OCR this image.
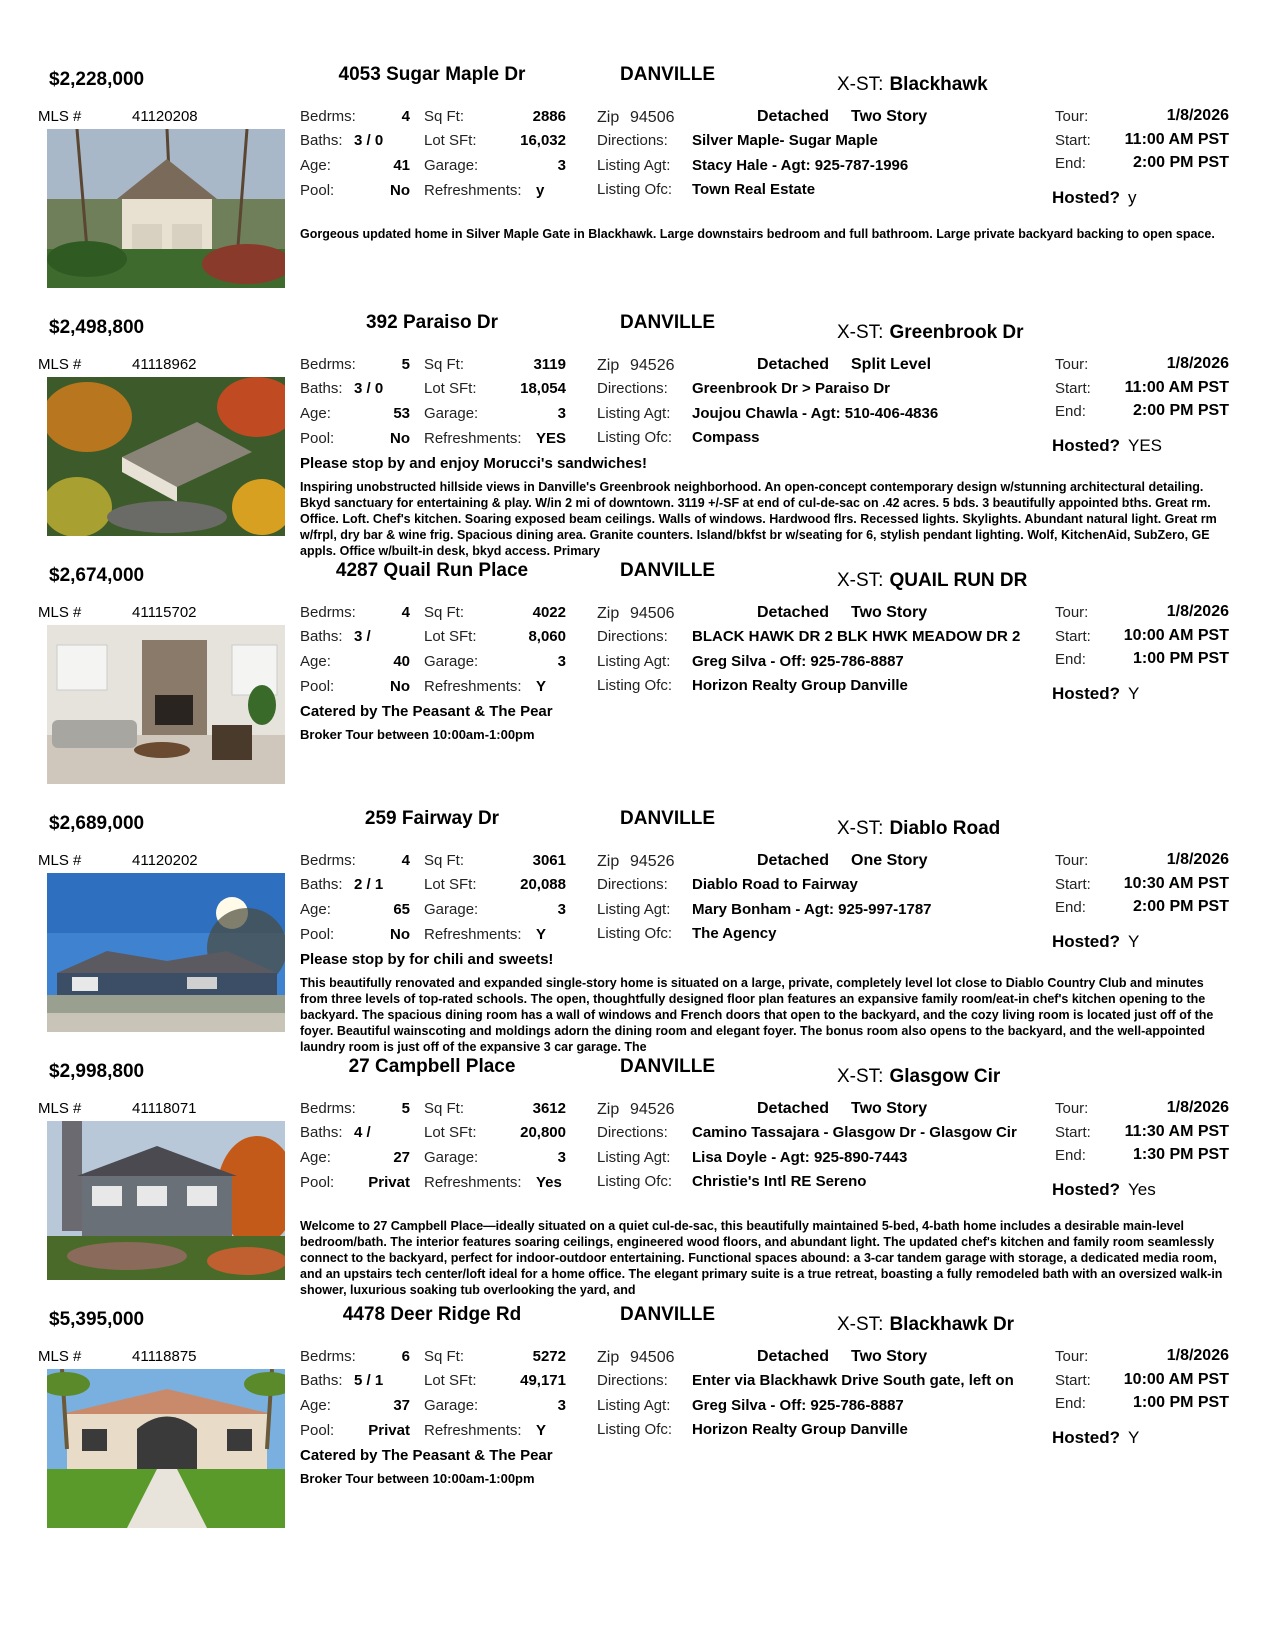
$2,228,000	4053 Sugar Maple Dr	DANVILLE	X-ST: Blackhawk
MLS #	41120208	Bedrms:	4
Baths: 3 / 0
Age:	41
Pool:	No
Sq Ft:	2886
Lot SFt:	16,032
Garage:	3
Refreshments: y
Zip 94506	Detached Two Story
Directions: Silver Maple- Sugar Maple
Listing Agt: Stacy Hale - Agt: 925-787-1996
Listing Ofc: Town Real Estate
Tour:	1/8/2026
Start:	11:00 AM PST
End:	2:00 PM PST
Hosted? y
Gorgeous updated home in Silver Maple Gate in Blackhawk. Large downstairs bedroom and full bathroom. Large private backyard backing to open space.
$2,498,800	392 Paraiso Dr	DANVILLE	X-ST: Greenbrook Dr
MLS #	41118962	Bedrms:	5
Baths: 3 / 0
Age:	53
Pool:	No
Sq Ft:	3119
Lot SFt:	18,054
Garage:	3
Refreshments: YES
Zip 94526	Detached Split Level
Directions: Greenbrook Dr > Paraiso Dr
Listing Agt: Joujou Chawla - Agt: 510-406-4836
Listing Ofc: Compass
Tour:	1/8/2026
Start:	11:00 AM PST
End:	2:00 PM PST
Hosted? YES
Please stop by and enjoy Morucci's sandwiches!
Inspiring unobstructed hillside views in Danville's Greenbrook neighborhood. An open-concept contemporary design w/stunning architectural detailing. Bkyd sanctuary for entertaining & play. W/in 2 mi of downtown. 3119 +/-SF at end of cul-de-sac on .42 acres. 5 bds. 3 beautifully appointed bths. Great rm. Office. Loft. Chef's kitchen. Soaring exposed beam ceilings. Walls of windows. Hardwood flrs. Recessed lights. Skylights. Abundant natural light. Great rm w/frpl, dry bar & wine frig. Spacious dining area. Granite counters. Island/bkfst br w/seating for 6, stylish pendant lighting. Wolf, KitchenAid, SubZero, GE appls. Office w/built-in desk, bkyd access. Primary
$2,674,000	4287 Quail Run Place	DANVILLE	X-ST: QUAIL RUN DR
MLS #	41115702	Bedrms:	4
Baths: 3 /
Age:	40
Pool:	No
Sq Ft:	4022
Lot SFt:	8,060
Garage:	3
Refreshments: Y
Zip 94506	Detached Two Story
Directions: BLACK HAWK DR 2 BLK HWK MEADOW DR 2
Listing Agt: Greg Silva - Off: 925-786-8887
Listing Ofc: Horizon Realty Group Danville
Tour:	1/8/2026
Start:	10:00 AM PST
End:	1:00 PM PST
Hosted? Y
Catered by The Peasant & The Pear
Broker Tour between 10:00am-1:00pm
$2,689,000	259 Fairway Dr	DANVILLE	X-ST: Diablo Road
MLS #	41120202	Bedrms:	4
Baths: 2 / 1
Age:	65
Pool:	No
Sq Ft:	3061
Lot SFt:	20,088
Garage:	3
Refreshments: Y
Zip 94526	Detached One Story
Directions: Diablo Road to Fairway
Listing Agt: Mary Bonham - Agt: 925-997-1787
Listing Ofc: The Agency
Tour:	1/8/2026
Start:	10:30 AM PST
End:	2:00 PM PST
Hosted? Y
Please stop by for chili and sweets!
This beautifully renovated and expanded single-story home is situated on a large, private, completely level lot close to Diablo Country Club and minutes from three levels of top-rated schools. The open, thoughtfully designed floor plan features an expansive family room/eat-in chef's kitchen opening to the backyard. The spacious dining room has a wall of windows and French doors that open to the backyard, and the cozy living room is located just off of the foyer. Beautiful wainscoting and moldings adorn the dining room and elegant foyer. The bonus room also opens to the backyard, and the well-appointed laundry room is just off of the expansive 3 car garage. The
$2,998,800	27 Campbell Place	DANVILLE	X-ST: Glasgow Cir
MLS #	41118071	Bedrms:	5
Baths: 4 /
Age:	27
Pool:	Privat
Sq Ft:	3612
Lot SFt:	20,800
Garage:	3
Refreshments: Yes
Zip 94526	Detached Two Story
Directions: Camino Tassajara - Glasgow Dr - Glasgow Cir
Listing Agt: Lisa Doyle - Agt: 925-890-7443
Listing Ofc: Christie's Intl RE Sereno
Tour:	1/8/2026
Start:	11:30 AM PST
End:	1:30 PM PST
Hosted? Yes
Welcome to 27 Campbell Place—ideally situated on a quiet cul-de-sac, this beautifully maintained 5-bed, 4-bath home includes a desirable main-level bedroom/bath. The interior features soaring ceilings, engineered wood floors, and abundant light. The updated chef's kitchen and family room seamlessly connect to the backyard, perfect for indoor-outdoor entertaining. Functional spaces abound: a 3-car tandem garage with storage, a dedicated media room, and an upstairs tech center/loft ideal for a home office. The elegant primary suite is a true retreat, boasting a fully remodeled bath with an oversized walk-in shower, luxurious soaking tub overlooking the yard, and
$5,395,000	4478 Deer Ridge Rd	DANVILLE	X-ST: Blackhawk Dr
MLS #	41118875	Bedrms:	6
Baths: 5 / 1
Age:	37
Pool:	Privat
Sq Ft:	5272
Lot SFt:	49,171
Garage:	3
Refreshments: Y
Zip 94506	Detached Two Story
Directions: Enter via Blackhawk Drive South gate, left on
Listing Agt: Greg Silva - Off: 925-786-8887
Listing Ofc: Horizon Realty Group Danville
Tour:	1/8/2026
Start:	10:00 AM PST
End:	1:00 PM PST
Hosted? Y
Catered by The Peasant & The Pear
Broker Tour between 10:00am-1:00pm
